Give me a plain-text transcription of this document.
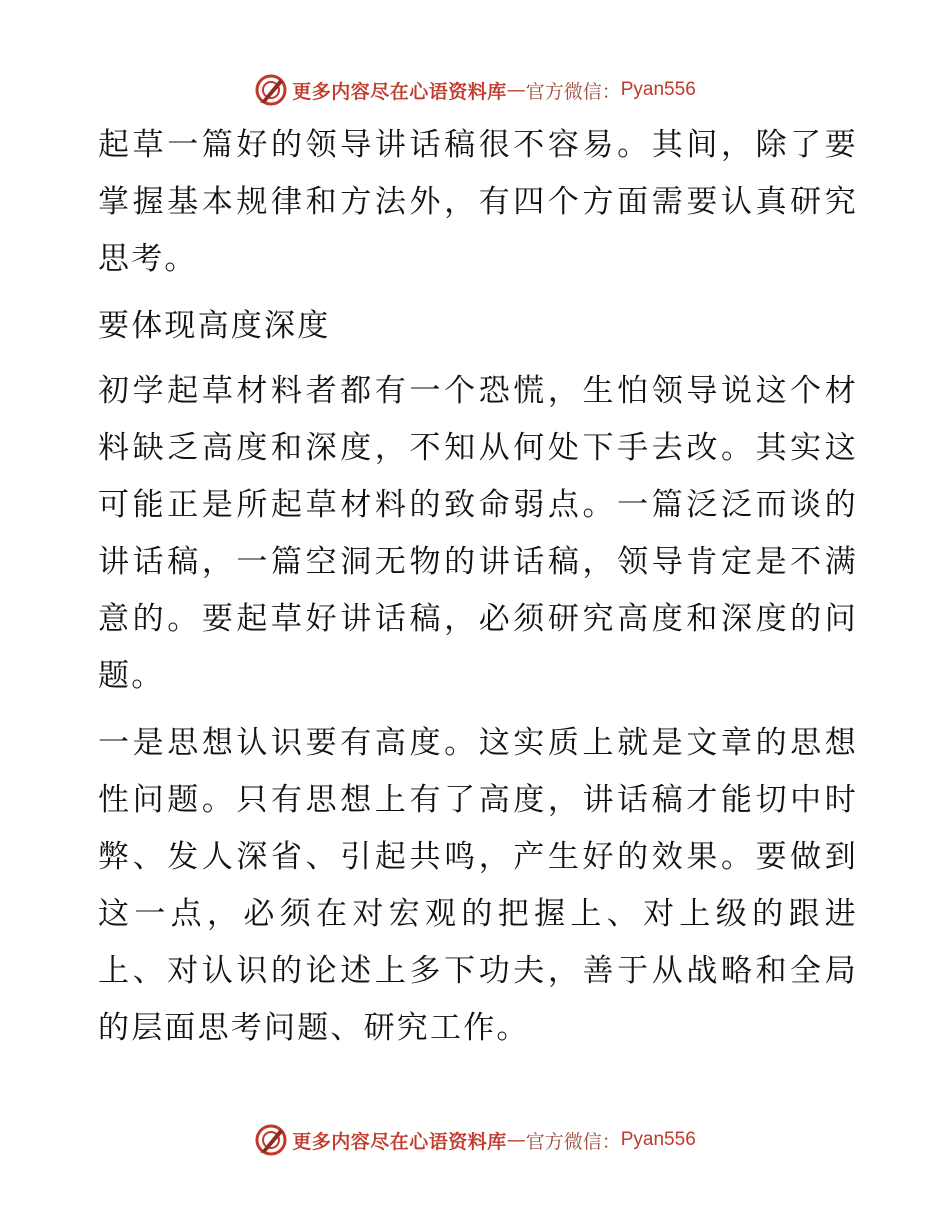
更多内容尽在心语资料库 — 官方微信： Pyan556

起草一篇好的领导讲话稿很不容易。其间，除了要掌握基本规律和方法外，有四个方面需要认真研究思考。

要体现高度深度

初学起草材料者都有一个恐慌，生怕领导说这个材料缺乏高度和深度，不知从何处下手去改。其实这可能正是所起草材料的致命弱点。一篇泛泛而谈的讲话稿，一篇空洞无物的讲话稿，领导肯定是不满意的。要起草好讲话稿，必须研究高度和深度的问题。

一是思想认识要有高度。这实质上就是文章的思想性问题。只有思想上有了高度，讲话稿才能切中时弊、发人深省、引起共鸣，产生好的效果。要做到这一点，必须在对宏观的把握上、对上级的跟进上、对认识的论述上多下功夫，善于从战略和全局的层面思考问题、研究工作。

更多内容尽在心语资料库 — 官方微信： Pyan556
